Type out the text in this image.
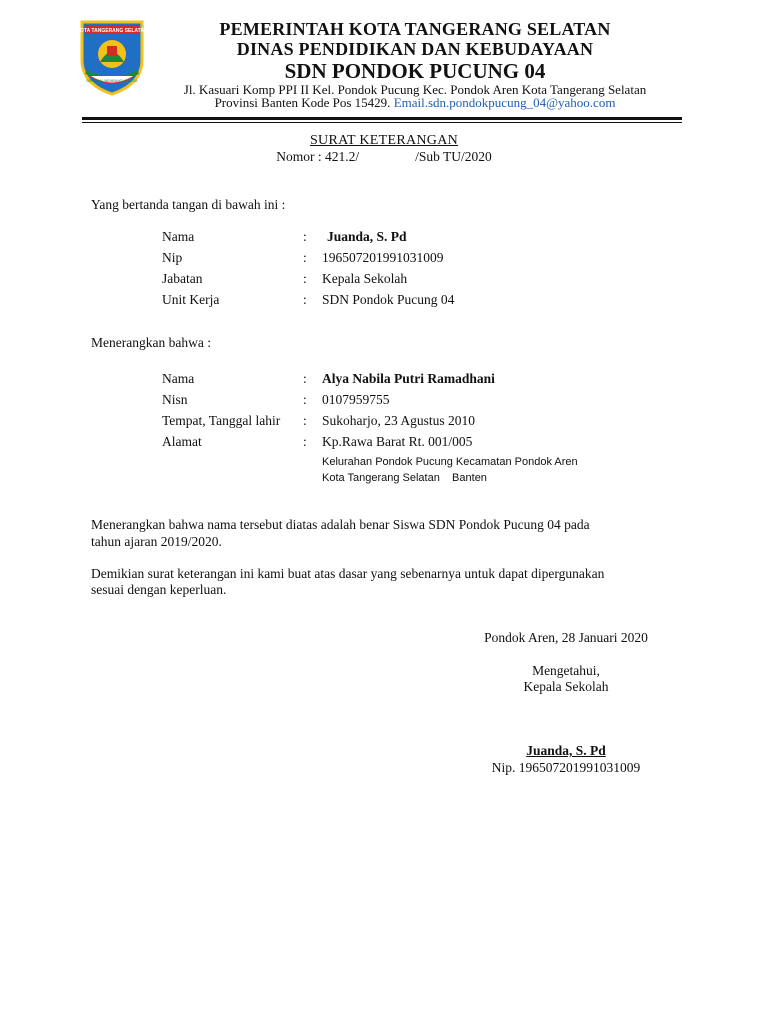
KOTA TANGERANG SELATAN
BERSAMA MEMBANGUN KOTA
PEMERINTAH KOTA TANGERANG SELATAN
DINAS PENDIDIKAN DAN KEBUDAYAAN
SDN PONDOK PUCUNG 04
Jl. Kasuari Komp PPI II Kel. Pondok Pucung Kec. Pondok Aren Kota Tangerang Selatan
Provinsi Banten Kode Pos 15429. Email.sdn.pondokpucung_04@yahoo.com
SURAT KETERANGAN
Nomor : 421.2/	/Sub TU/2020
Yang bertanda tangan di bawah ini :
Nama	: Juanda, S. Pd
Nip	: 196507201991031009
Jabatan	: Kepala Sekolah
Unit Kerja	: SDN Pondok Pucung 04
Menerangkan bahwa :
Nama	: Alya Nabila Putri Ramadhani
Nisn	: 0107959755
Tempat, Tanggal lahir : Sukoharjo, 23 Agustus 2010
Alamat	: Kp.Rawa Barat Rt. 001/005
Kelurahan Pondok Pucung Kecamatan Pondok Aren
Kota Tangerang Selatan    Banten
Menerangkan bahwa nama tersebut diatas adalah benar Siswa SDN Pondok Pucung 04 pada
tahun ajaran 2019/2020.
Demikian surat keterangan ini kami buat atas dasar yang sebenarnya untuk dapat dipergunakan
sesuai dengan keperluan.
Pondok Aren, 28 Januari 2020
Mengetahui,
Kepala Sekolah
Juanda, S. Pd
Nip. 196507201991031009
